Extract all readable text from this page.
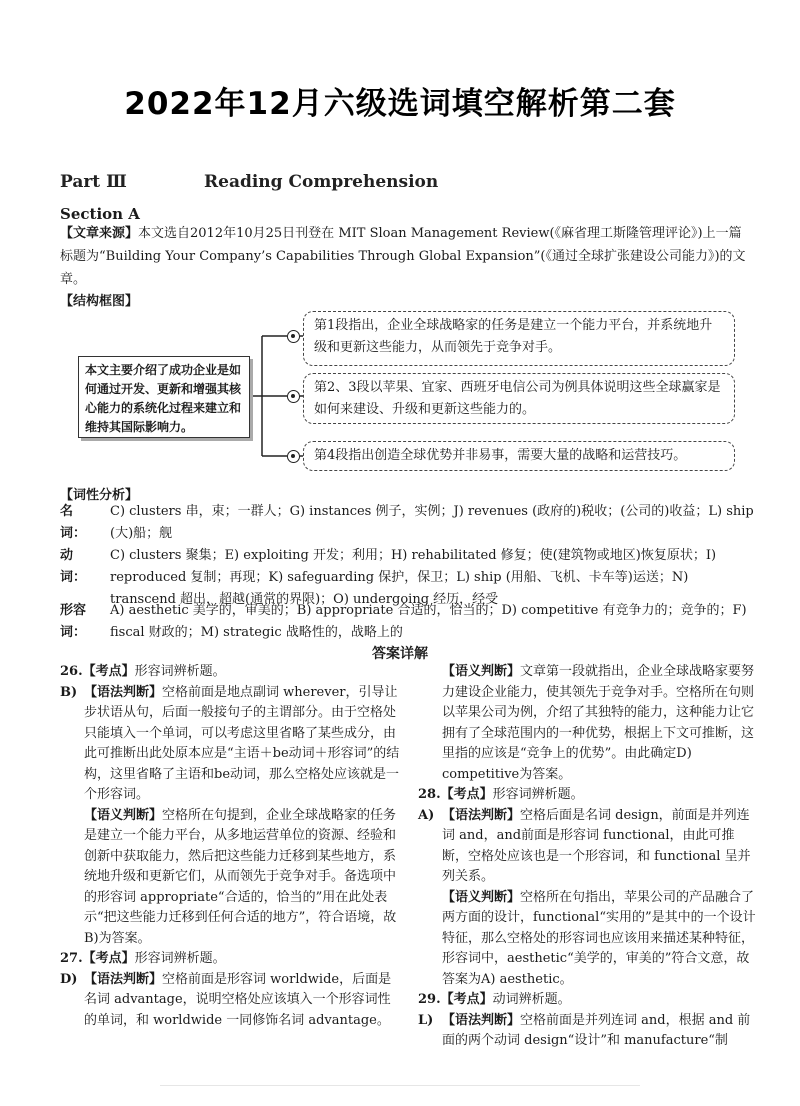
2022年12月六级选词填空解析第二套
Part Ⅲ	Reading Comprehension
Section A
【文章来源】本文选自2012年10月25日刊登在 MIT Sloan Management Review(《麻省理工斯隆管理评论》)上一篇标题为“Building Your Company’s Capabilities Through Global Expansion”(《通过全球扩张建设公司能力》)的文章。
【结构框图】
本文主要介绍了成功企业是如何通过开发、更新和增强其核心能力的系统化过程来建立和维持其国际影响力。
第1段指出，企业全球战略家的任务是建立一个能力平台，并系统地升级和更新这些能力，从而领先于竞争对手。
第2、3段以苹果、宜家、西班牙电信公司为例具体说明这些全球赢家是如何来建设、升级和更新这些能力的。
第4段指出创造全球优势并非易事，需要大量的战略和运营技巧。
【词性分析】
名　词：
C) clusters 串，束；一群人；G) instances 例子，实例；J) revenues (政府的)税收；(公司的)收益；L) ship (大)船；舰
动　词：
C) clusters 聚集；E) exploiting 开发；利用；H) rehabilitated 修复；使(建筑物或地区)恢复原状；I) reproduced 复制；再现；K) safeguarding 保护，保卫；L) ship (用船、飞机、卡车等)运送；N) transcend 超出，超越(通常的界限)；O) undergoing 经历，经受
形容词：
A) aesthetic 美学的，审美的；B) appropriate 合适的，恰当的；D) competitive 有竞争力的；竞争的；F) fiscal 财政的；M) strategic 战略性的，战略上的
答案详解
26.【考点】形容词辨析题。
B) 【语法判断】空格前面是地点副词 wherever，引导让步状语从句，后面一般接句子的主谓部分。由于空格处只能填入一个单词，可以考虑这里省略了某些成分，由此可推断出此处原本应是“主语＋be动词＋形容词”的结构，这里省略了主语和be动词，那么空格处应该就是一个形容词。
【语义判断】空格所在句提到，企业全球战略家的任务是建立一个能力平台，从多地运营单位的资源、经验和创新中获取能力，然后把这些能力迁移到某些地方，系统地升级和更新它们，从而领先于竞争对手。备选项中的形容词 appropriate“合适的，恰当的”用在此处表示“把这些能力迁移到任何合适的地方”，符合语境，故B)为答案。
27.【考点】形容词辨析题。
D) 【语法判断】空格前面是形容词 worldwide，后面是名词 advantage，说明空格处应该填入一个形容词性的单词，和 worldwide 一同修饰名词 advantage。
【语义判断】文章第一段就指出，企业全球战略家要努力建设企业能力，使其领先于竞争对手。空格所在句则以苹果公司为例，介绍了其独特的能力，这种能力让它拥有了全球范围内的一种优势，根据上下文可推断，这里指的应该是“竞争上的优势”。由此确定D) competitive为答案。
28.【考点】形容词辨析题。
A) 【语法判断】空格后面是名词 design，前面是并列连词 and，and前面是形容词 functional，由此可推断，空格处应该也是一个形容词，和 functional 呈并列关系。
【语义判断】空格所在句指出，苹果公司的产品融合了两方面的设计，functional“实用的”是其中的一个设计特征，那么空格处的形容词也应该用来描述某种特征，形容词中，aesthetic“美学的，审美的”符合文意，故答案为A) aesthetic。
29.【考点】动词辨析题。
L) 【语法判断】空格前面是并列连词 and，根据 and 前面的两个动词 design“设计”和 manufacture“制
